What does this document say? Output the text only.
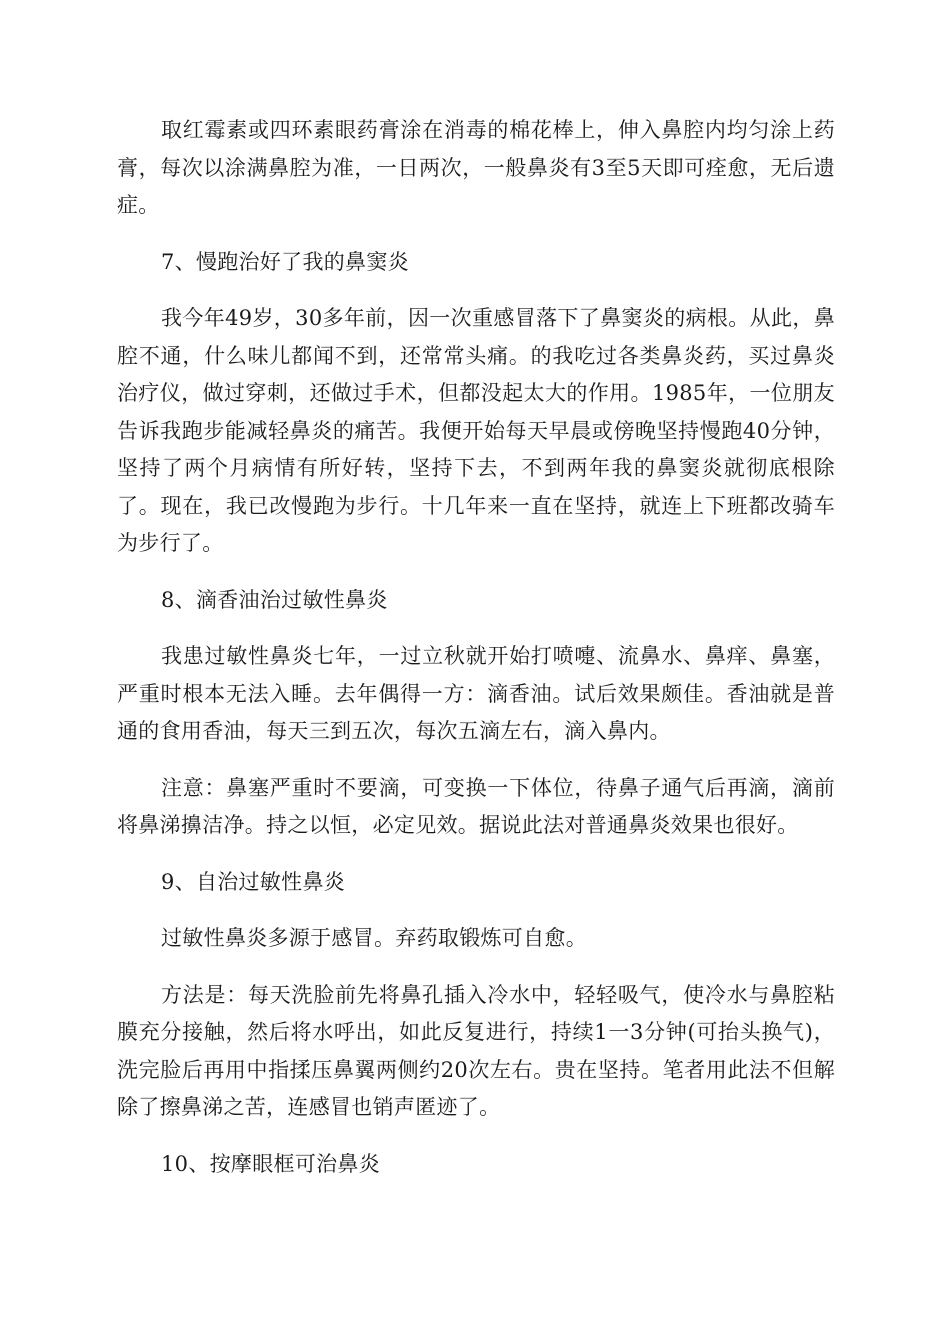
取红霉素或四环素眼药膏涂在消毒的棉花棒上，伸入鼻腔内均匀涂上药膏，每次以涂满鼻腔为准，一日两次，一般鼻炎有3至5天即可痊愈，无后遗症。

7、慢跑治好了我的鼻窦炎

我今年49岁，30多年前，因一次重感冒落下了鼻窦炎的病根。从此，鼻腔不通，什么味儿都闻不到，还常常头痛。的我吃过各类鼻炎药，买过鼻炎治疗仪，做过穿刺，还做过手术，但都没起太大的作用。1985年，一位朋友告诉我跑步能减轻鼻炎的痛苦。我便开始每天早晨或傍晚坚持慢跑40分钟，坚持了两个月病情有所好转，坚持下去，不到两年我的鼻窦炎就彻底根除了。现在，我已改慢跑为步行。十几年来一直在坚持，就连上下班都改骑车为步行了。

8、滴香油治过敏性鼻炎

我患过敏性鼻炎七年，一过立秋就开始打喷嚏、流鼻水、鼻痒、鼻塞，严重时根本无法入睡。去年偶得一方：滴香油。试后效果颇佳。香油就是普通的食用香油，每天三到五次，每次五滴左右，滴入鼻内。

注意：鼻塞严重时不要滴，可变换一下体位，待鼻子通气后再滴，滴前将鼻涕擤洁净。持之以恒，必定见效。据说此法对普通鼻炎效果也很好。

9、自治过敏性鼻炎

过敏性鼻炎多源于感冒。弃药取锻炼可自愈。

方法是：每天洗脸前先将鼻孔插入冷水中，轻轻吸气，使冷水与鼻腔粘膜充分接触，然后将水呼出，如此反复进行，持续1一3分钟(可抬头换气)，洗完脸后再用中指揉压鼻翼两侧约20次左右。贵在坚持。笔者用此法不但解除了擦鼻涕之苦，连感冒也销声匿迹了。

10、按摩眼框可治鼻炎
